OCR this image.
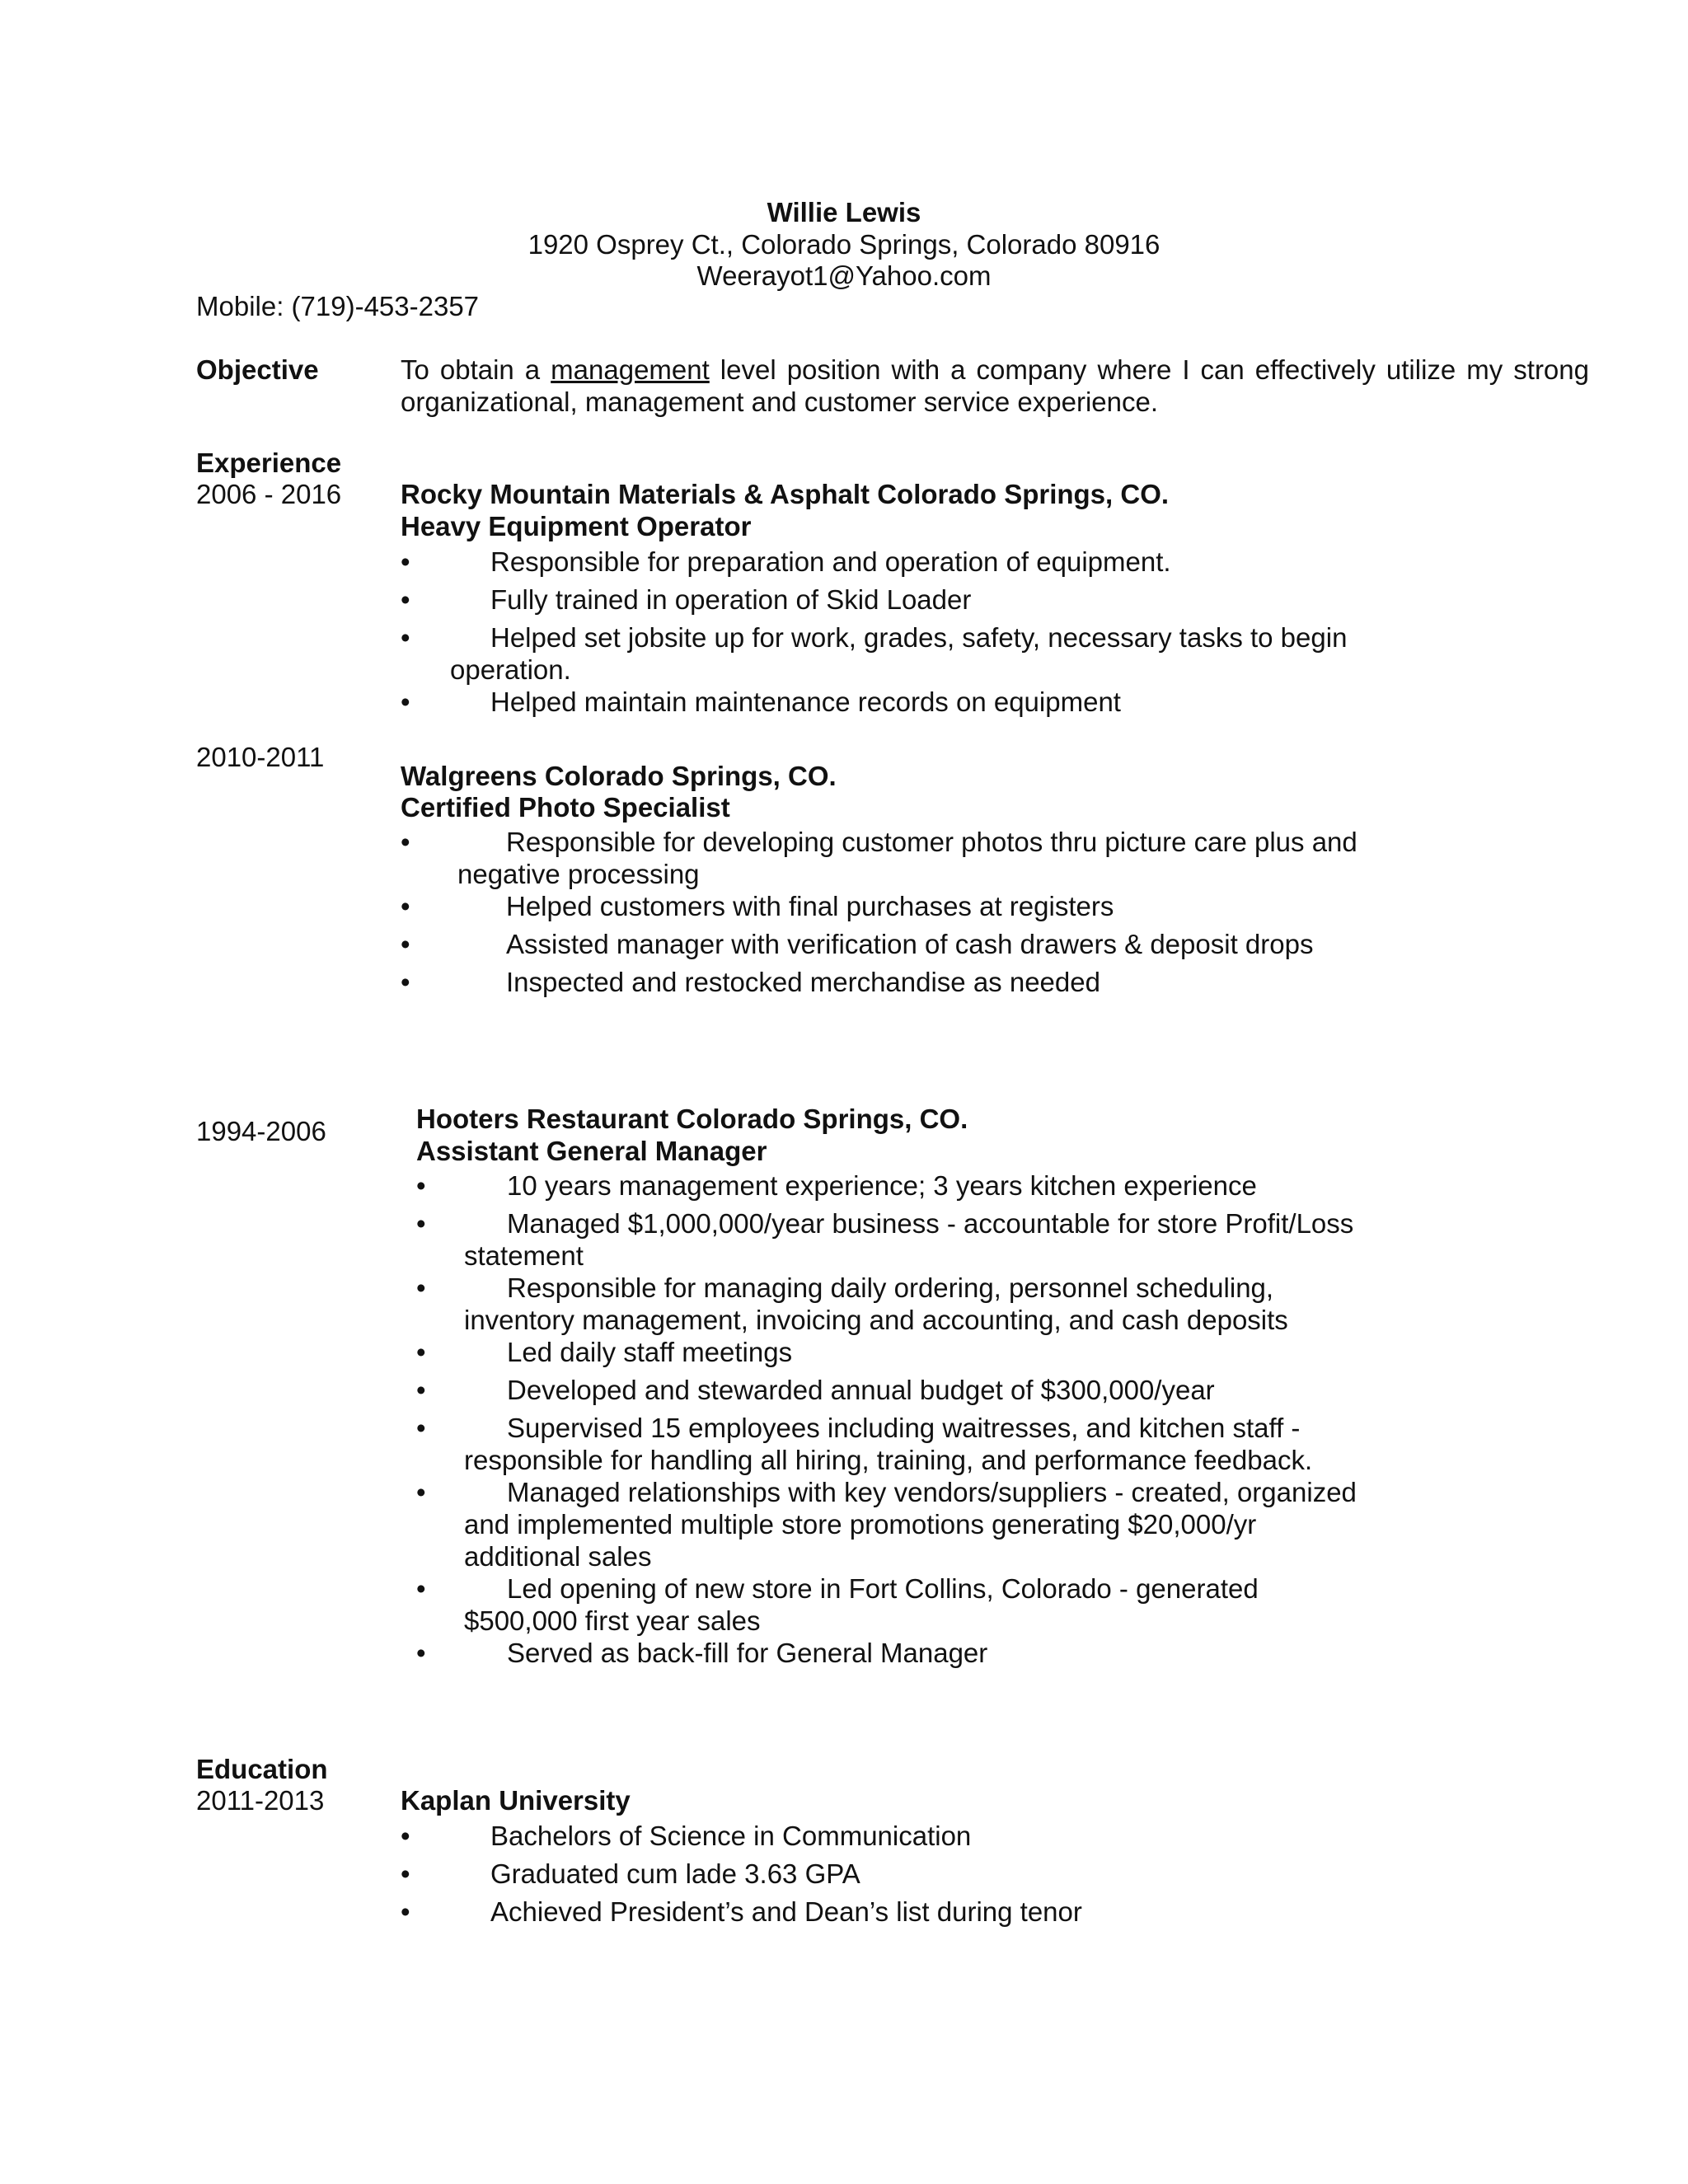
Willie Lewis
1920 Osprey Ct., Colorado Springs, Colorado 80916
Weerayot1@Yahoo.com
Mobile: (719)-453-2357
Objective	To obtain a management level position with a company where I can effectively utilize my strong organizational, management and customer service experience.
Experience
2006 - 2016 Rocky Mountain Materials & Asphalt Colorado Springs, CO.
Heavy Equipment Operator
•	Responsible for preparation and operation of equipment.
•	Fully trained in operation of Skid Loader
•	Helped set jobsite up for work, grades, safety, necessary tasks to begin
operation.
•	Helped maintain maintenance records on equipment
2010-2011
Walgreens Colorado Springs, CO.
Certified Photo Specialist
•	Responsible for developing customer photos thru picture care plus and
negative processing
•	Helped customers with final purchases at registers
•	Assisted manager with verification of cash drawers & deposit drops
•	Inspected and restocked merchandise as needed
1994-2006	Hooters Restaurant Colorado Springs, CO.
Assistant General Manager
•	10 years management experience; 3 years kitchen experience
•	Managed $1,000,000/year business - accountable for store Profit/Loss
statement
•	Responsible for managing daily ordering, personnel scheduling,
inventory management, invoicing and accounting, and cash deposits
•	Led daily staff meetings
•	Developed and stewarded annual budget of $300,000/year
•	Supervised 15 employees including waitresses, and kitchen staff -
responsible for handling all hiring, training, and performance feedback.
•	Managed relationships with key vendors/suppliers - created, organized
and implemented multiple store promotions generating $20,000/yr
additional sales
•	Led opening of new store in Fort Collins, Colorado - generated
$500,000 first year sales
•	Served as back-fill for General Manager
Education
2011-2013	Kaplan University
•	Bachelors of Science in Communication
•	Graduated cum lade 3.63 GPA
•	Achieved President’s and Dean’s list during tenor
